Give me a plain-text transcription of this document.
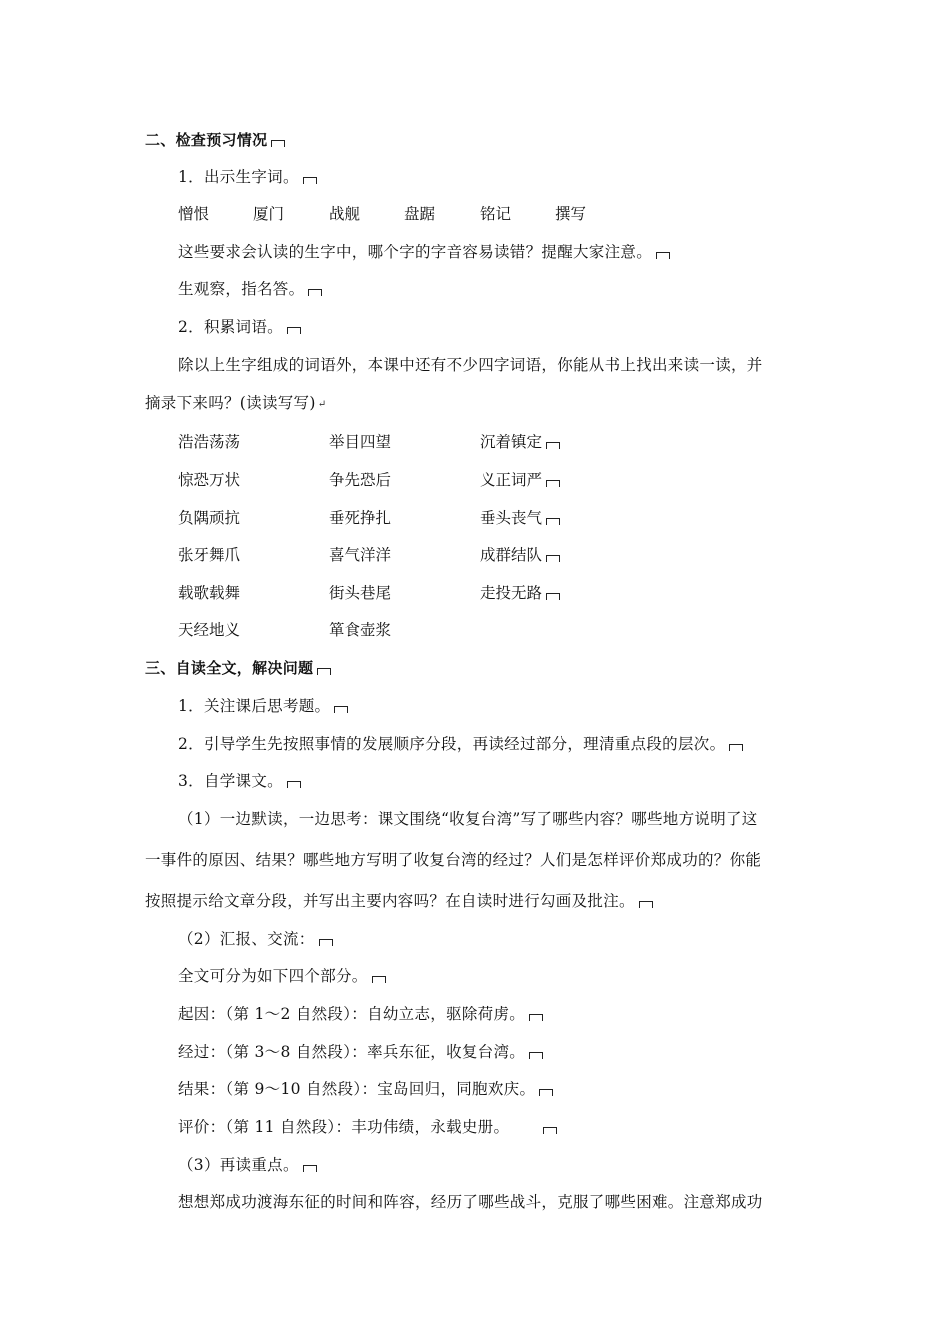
二、检查预习情况
1．出示生字词。
憎恨	厦门	战舰	盘踞	铭记	撰写
这些要求会认读的生字中，哪个字的字音容易读错？提醒大家注意。
生观察，指名答。
2．积累词语。
除以上生字组成的词语外，本课中还有不少四字词语，你能从书上找出来读一读，并
摘录下来吗？(读读写写) ↵
浩浩荡荡	举目四望	沉着镇定
惊恐万状	争先恐后	义正词严
负隅顽抗	垂死挣扎	垂头丧气
张牙舞爪	喜气洋洋	成群结队
载歌载舞	街头巷尾	走投无路
天经地义	箪食壶浆
三、自读全文，解决问题
1．关注课后思考题。
2．引导学生先按照事情的发展顺序分段，再读经过部分，理清重点段的层次。
3．自学课文。
（1）一边默读，一边思考：课文围绕“收复台湾”写了哪些内容？哪些地方说明了这
一事件的原因、结果？哪些地方写明了收复台湾的经过？人们是怎样评价郑成功的？你能
按照提示给文章分段，并写出主要内容吗？在自读时进行勾画及批注。
（2）汇报、交流：
全文可分为如下四个部分。
起因：（第 1～2 自然段）：自幼立志，驱除荷虏。
经过：（第 3～8 自然段）：率兵东征，收复台湾。
结果：（第 9～10 自然段）：宝岛回归，同胞欢庆。
评价：（第 11 自然段）：丰功伟绩，永载史册。
（3）再读重点。
想想郑成功渡海东征的时间和阵容，经历了哪些战斗，克服了哪些困难。注意郑成功
